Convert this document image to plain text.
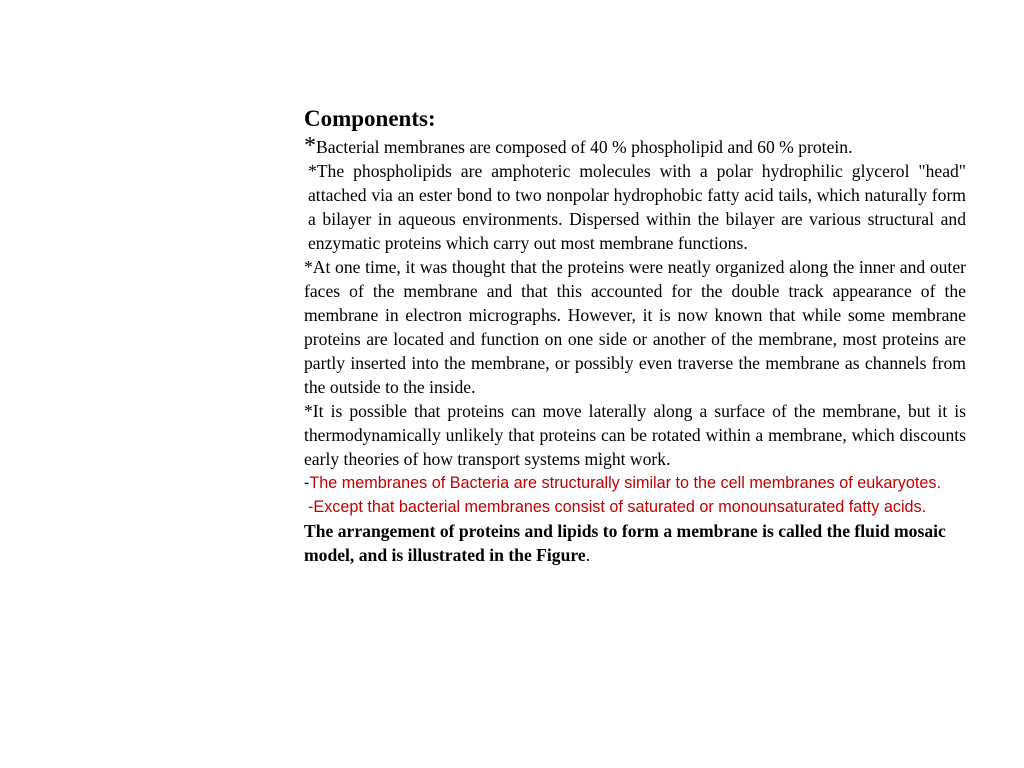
Components:

*Bacterial membranes are composed of 40 % phospholipid and 60 % protein.

*The phospholipids are amphoteric molecules with a polar hydrophilic glycerol "head" attached via an ester bond to two nonpolar hydrophobic fatty acid tails, which naturally form a bilayer in aqueous environments. Dispersed within the bilayer are various structural and enzymatic proteins which carry out most membrane functions.

*At one time, it was thought that the proteins were neatly organized along the inner and outer faces of the membrane and that this accounted for the double track appearance of the membrane in electron micrographs. However, it is now known that while some membrane proteins are located and function on one side or another of the membrane, most proteins are partly inserted into the membrane, or possibly even traverse the membrane as channels from the outside to the inside.

*It is possible that proteins can move laterally along a surface of the membrane, but it is thermodynamically unlikely that proteins can be rotated within a membrane, which discounts early theories of how transport systems might work.

-The membranes of Bacteria are structurally similar to the cell membranes of eukaryotes.

-Except that bacterial membranes consist of saturated or monounsaturated fatty acids.

The arrangement of proteins and lipids to form a membrane is called the fluid mosaic model, and is illustrated in the Figure.
